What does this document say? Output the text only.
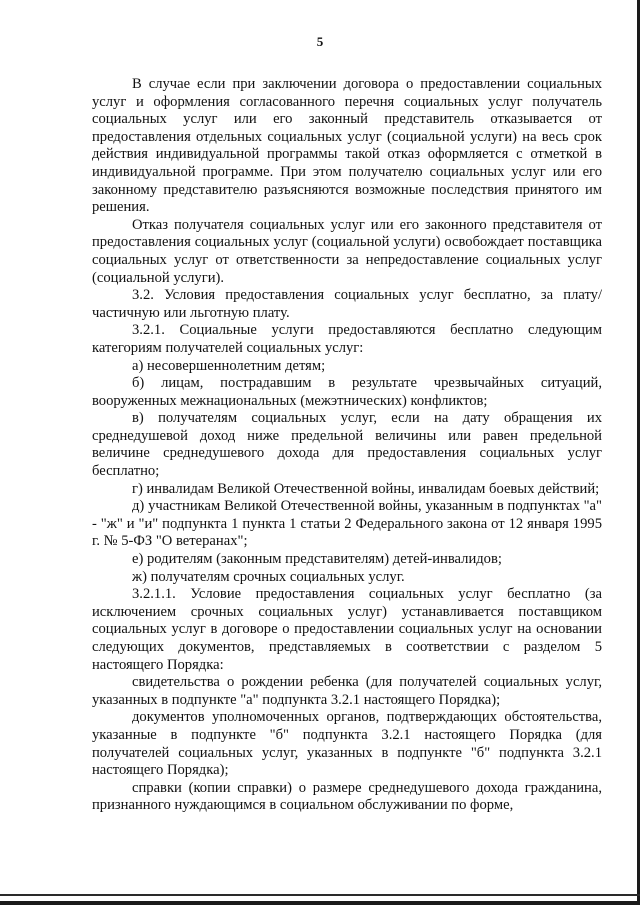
5

В случае если при заключении договора о предоставлении социальных услуг и оформления согласованного перечня социальных услуг получатель социальных услуг или его законный представитель отказывается от предоставления отдельных социальных услуг (социальной услуги) на весь срок действия индивидуальной программы такой отказ оформляется с отметкой в индивидуальной программе. При этом получателю социальных услуг или его законному представителю разъясняются возможные последствия принятого им решения.

Отказ получателя социальных услуг или его законного представителя от предоставления социальных услуг (социальной услуги) освобождает поставщика социальных услуг от ответственности за непредоставление социальных услуг (социальной услуги).

3.2. Условия предоставления социальных услуг бесплатно, за плату/частичную или льготную плату.

3.2.1. Социальные услуги предоставляются бесплатно следующим категориям получателей социальных услуг:

а) несовершеннолетним детям;

б) лицам, пострадавшим в результате чрезвычайных ситуаций, вооруженных межнациональных (межэтнических) конфликтов;

в) получателям социальных услуг, если на дату обращения их среднедушевой доход ниже предельной величины или равен предельной величине среднедушевого дохода для предоставления социальных услуг бесплатно;

г) инвалидам Великой Отечественной войны, инвалидам боевых действий;

д) участникам Великой Отечественной войны, указанным в подпунктах "а" - "ж" и "и" подпункта 1 пункта 1 статьи 2 Федерального закона от 12 января 1995 г. № 5-ФЗ "О ветеранах";

е) родителям (законным представителям) детей-инвалидов;

ж) получателям срочных социальных услуг.

3.2.1.1. Условие предоставления социальных услуг бесплатно (за исключением срочных социальных услуг) устанавливается поставщиком социальных услуг в договоре о предоставлении социальных услуг на основании следующих документов, представляемых в соответствии с разделом 5 настоящего Порядка:

свидетельства о рождении ребенка (для получателей социальных услуг, указанных в подпункте "а" подпункта 3.2.1 настоящего Порядка);

документов уполномоченных органов, подтверждающих обстоятельства, указанные в подпункте "б" подпункта 3.2.1 настоящего Порядка (для получателей социальных услуг, указанных в подпункте "б" подпункта 3.2.1 настоящего Порядка);

справки (копии справки) о размере среднедушевого дохода гражданина, признанного нуждающимся в социальном обслуживании по форме,
